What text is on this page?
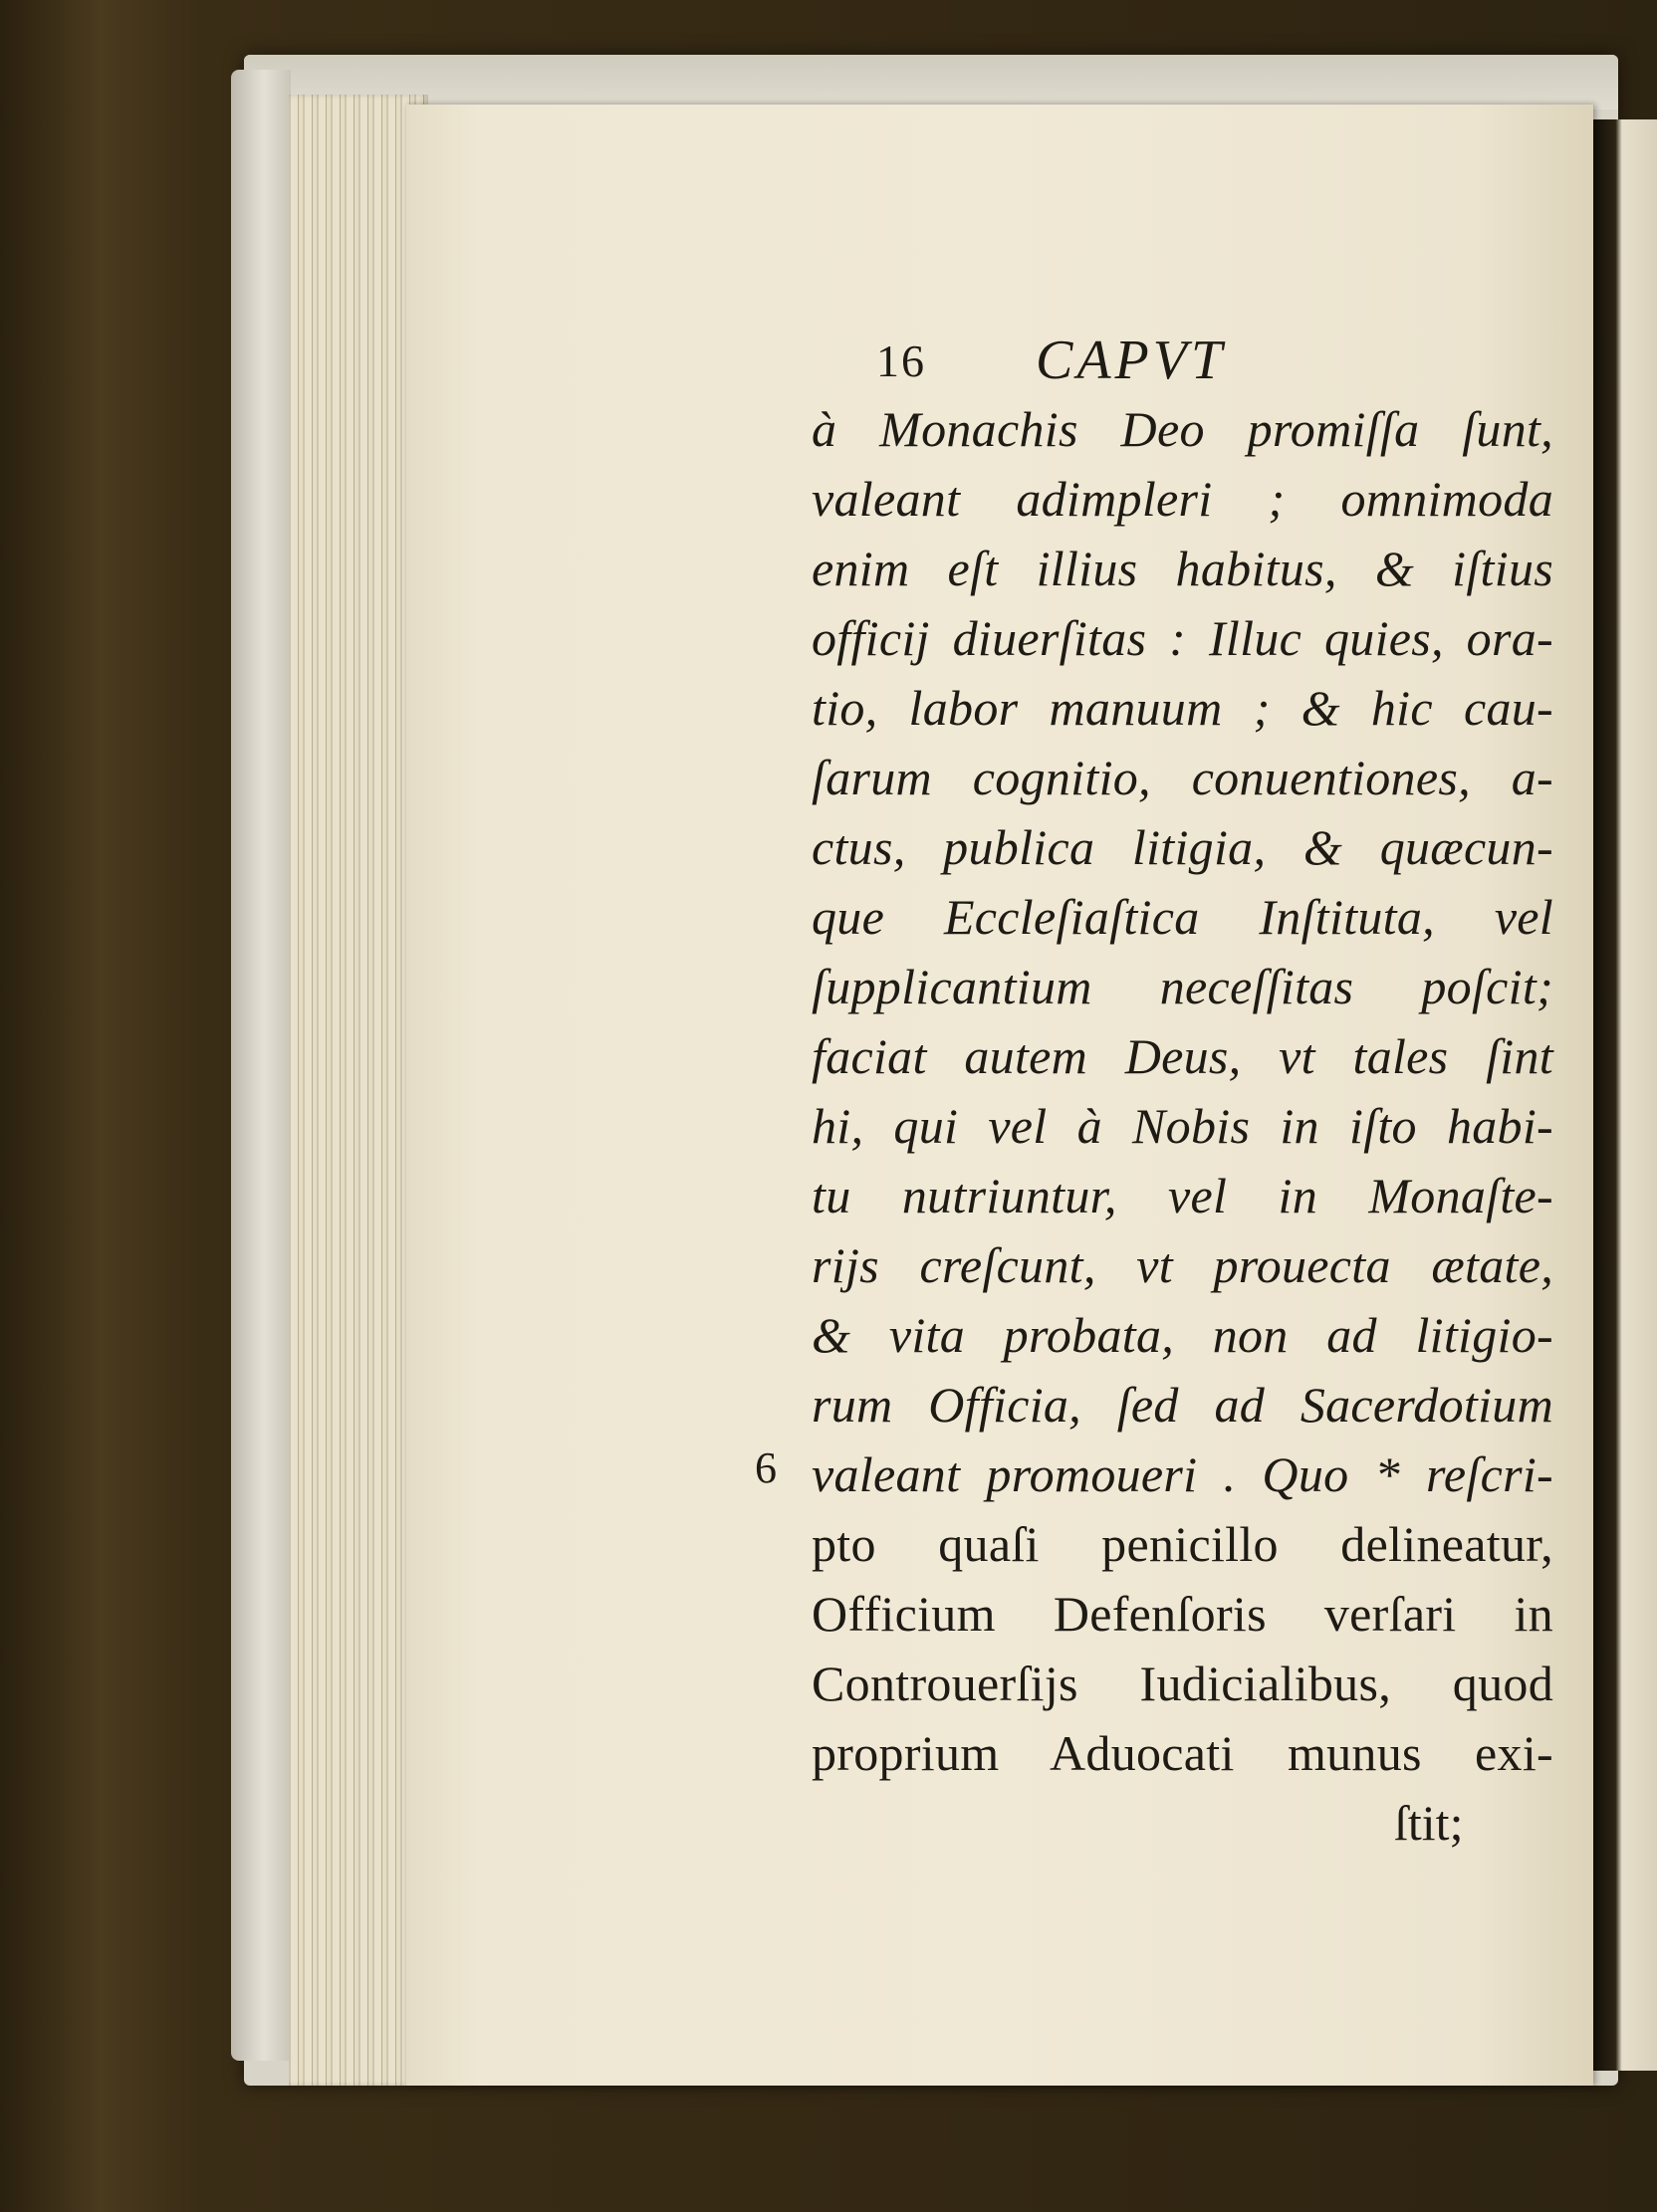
16 CAPVT
à Monachis Deo promiſſa ſunt,
valeant adimpleri ; omnimoda
enim eſt illius habitus, & iſtius
officij diuerſitas : Illuc quies, ora-
tio, labor manuum ; & hic cau-
ſarum cognitio, conuentiones, a-
ctus, publica litigia, & quæcun-
que Eccleſiaſtica Inſtituta, vel
ſupplicantium neceſſitas poſcit;
faciat autem Deus, vt tales ſint
hi, qui vel à Nobis in iſto habi-
tu nutriuntur, vel in Monaſte-
rijs creſcunt, vt prouecta ætate,
& vita probata, non ad litigio-
rum Officia, ſed ad Sacerdotium
valeant promoueri . Quo * reſcri-
pto quaſi penicillo delineatur,
Officium Defenſoris verſari in
Controuerſijs Iudicialibus, quod
proprium Aduocati munus exi-
6
ſtit;
